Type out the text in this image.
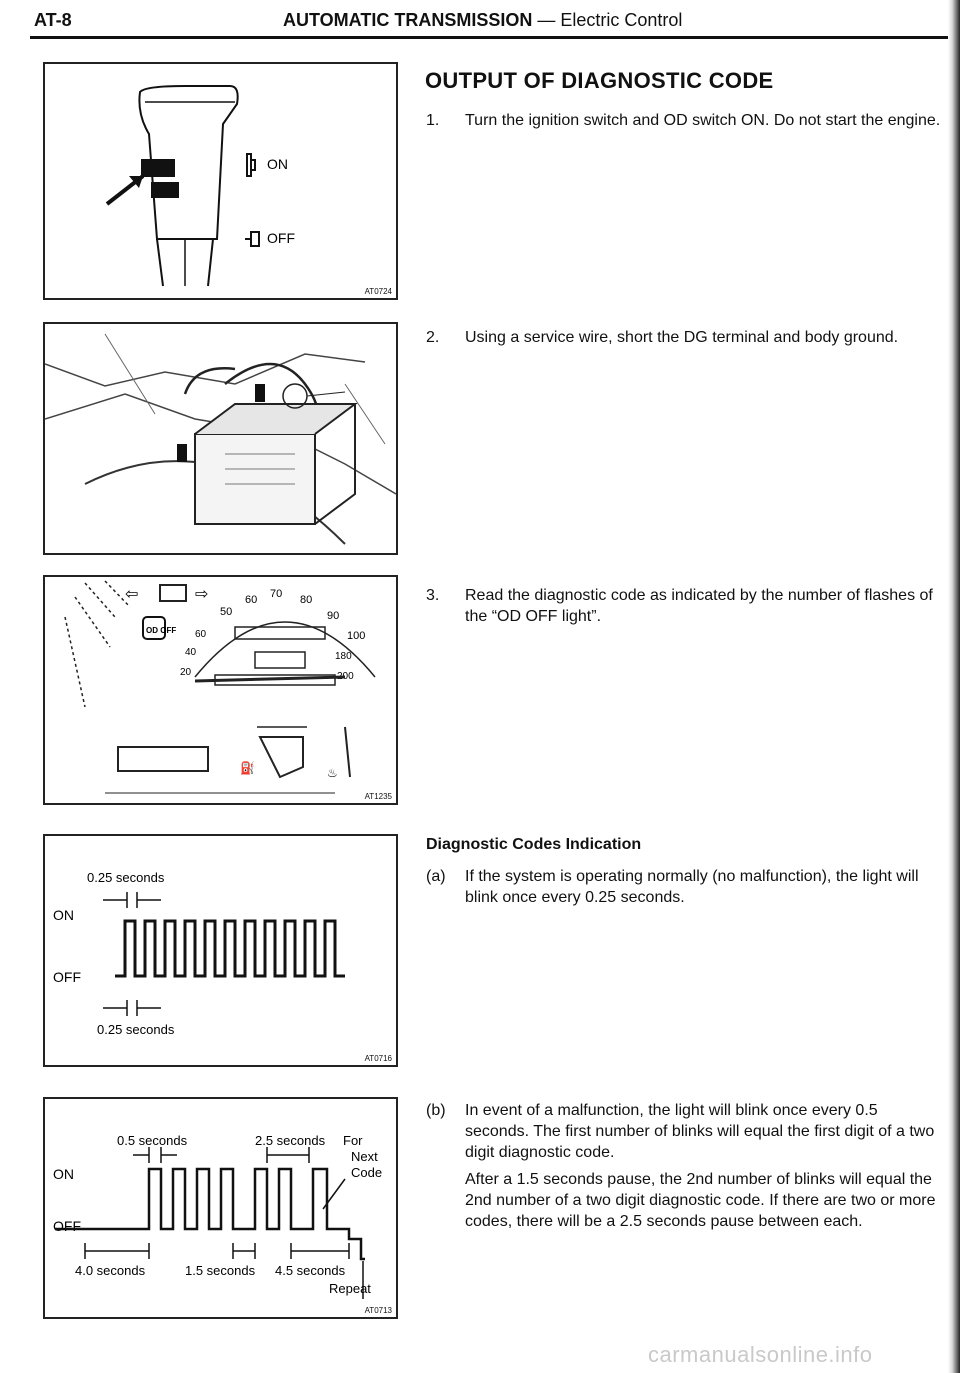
AT-8	AUTOMATIC TRANSMISSION — Electric Control
ON
OFF
AT0724
⇦	⇨
OD OFF
50
60 70 80
90
100
60
40
20
180
200
⛽	♨
AT1235
0.25 seconds
ON
OFF
0.25 seconds
AT0716
0.5 seconds	2.5 seconds For
Next
Code
ON
OFF
4.0 seconds	1.5 seconds 4.5 seconds
Repeat
AT0713
OUTPUT OF DIAGNOSTIC CODE
1.	Turn the ignition switch and OD switch ON. Do not start the engine.
2.	Using a service wire, short the DG terminal and body ground.
3.	Read the diagnostic code as indicated by the number of flashes of the “OD OFF light”.
Diagnostic Codes Indication
(a) If the system is operating normally (no malfunction), the light will blink once every 0.25 seconds.
(b) In event of a malfunction, the light will blink once every 0.5 seconds. The first number of blinks will equal the first digit of a two digit diagnostic code.

After a 1.5 seconds pause, the 2nd number of blinks will equal the 2nd number of a two digit diagnostic code. If there are two or more codes, there will be a 2.5 seconds pause between each.

carmanualsonline.info
